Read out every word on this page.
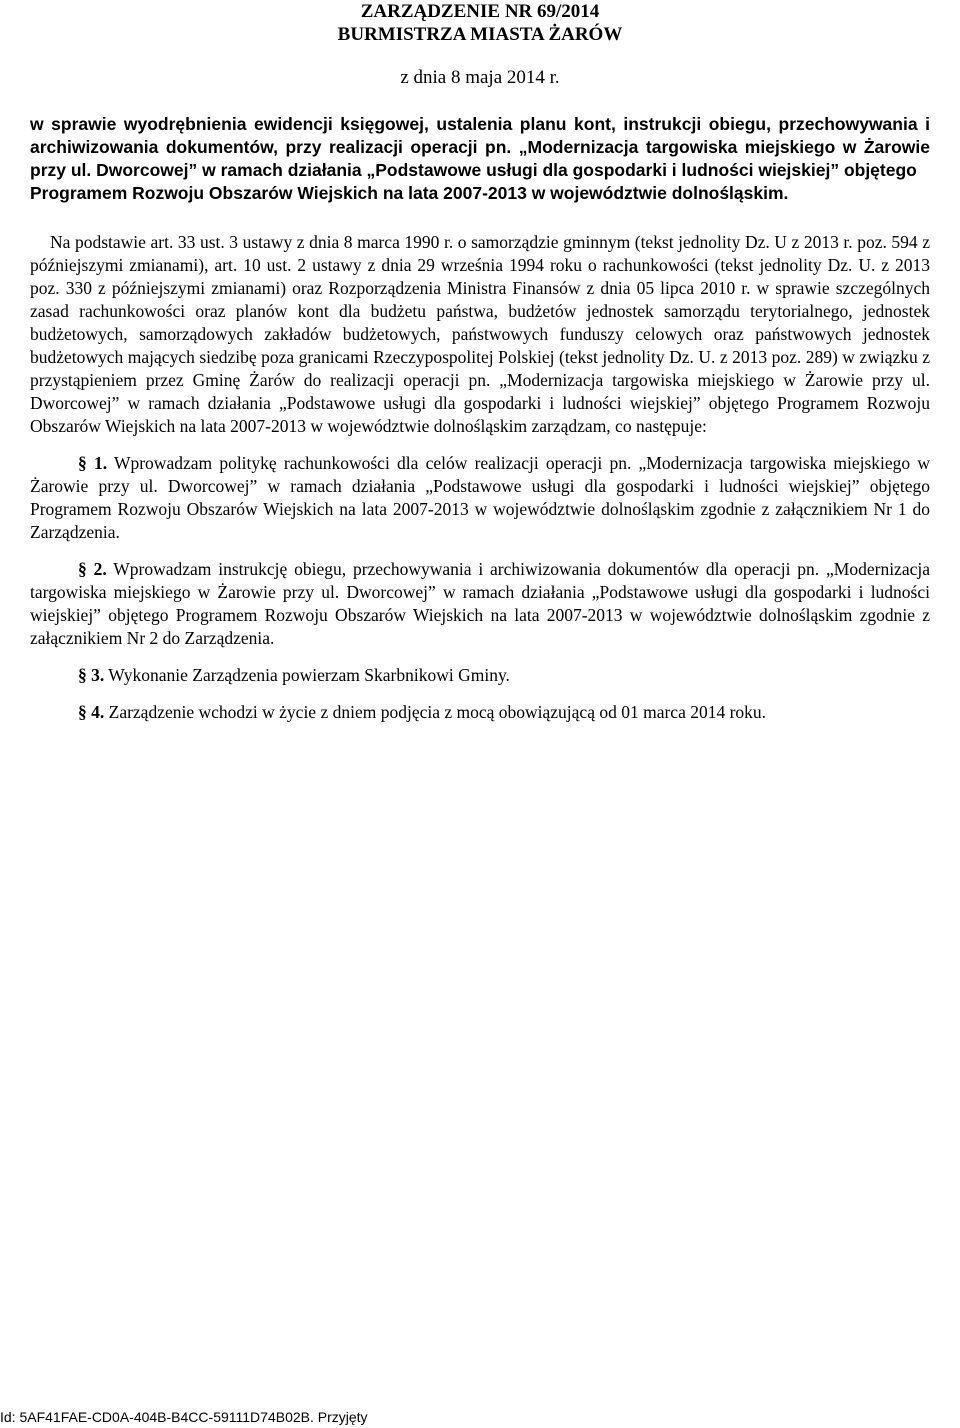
ZARZĄDZENIE NR 69/2014
BURMISTRZA MIASTA ŻARÓW

z dnia 8 maja 2014 r.

w sprawie wyodrębnienia ewidencji księgowej, ustalenia planu kont, instrukcji obiegu, przechowywania i archiwizowania dokumentów, przy realizacji operacji pn. „Modernizacja targowiska miejskiego w Żarowie przy ul. Dworcowej” w ramach działania „Podstawowe usługi dla gospodarki i ludności wiejskiej” objętego
Programem Rozwoju Obszarów Wiejskich na lata 2007-2013 w województwie dolnośląskim.

Na podstawie art. 33 ust. 3 ustawy z dnia 8 marca 1990 r. o samorządzie gminnym (tekst jednolity Dz. U z 2013 r. poz. 594 z późniejszymi zmianami), art. 10 ust. 2 ustawy z dnia 29 września 1994 roku o rachunkowości (tekst jednolity Dz. U. z 2013 poz. 330 z późniejszymi zmianami) oraz Rozporządzenia Ministra Finansów z dnia 05 lipca 2010 r. w sprawie szczególnych zasad rachunkowości oraz planów kont dla budżetu państwa, budżetów jednostek samorządu terytorialnego, jednostek budżetowych, samorządowych zakładów budżetowych, państwowych funduszy celowych oraz państwowych jednostek budżetowych mających siedzibę poza granicami Rzeczypospolitej Polskiej (tekst jednolity Dz. U. z 2013 poz. 289) w związku z przystąpieniem przez Gminę Żarów do realizacji operacji pn. „Modernizacja targowiska miejskiego w Żarowie przy ul. Dworcowej” w ramach działania „Podstawowe usługi dla gospodarki i ludności wiejskiej” objętego Programem Rozwoju Obszarów Wiejskich na lata 2007-2013 w województwie dolnośląskim zarządzam, co następuje:

§ 1. Wprowadzam politykę rachunkowości dla celów realizacji operacji pn. „Modernizacja targowiska miejskiego w Żarowie przy ul. Dworcowej” w ramach działania „Podstawowe usługi dla gospodarki i ludności wiejskiej” objętego Programem Rozwoju Obszarów Wiejskich na lata 2007-2013 w województwie dolnośląskim zgodnie z załącznikiem Nr 1 do Zarządzenia.

§ 2. Wprowadzam instrukcję obiegu, przechowywania i archiwizowania dokumentów dla operacji pn. „Modernizacja targowiska miejskiego w Żarowie przy ul. Dworcowej” w ramach działania „Podstawowe usługi dla gospodarki i ludności wiejskiej” objętego Programem Rozwoju Obszarów Wiejskich na lata 2007-2013 w województwie dolnośląskim zgodnie z załącznikiem Nr 2 do Zarządzenia.

§ 3. Wykonanie Zarządzenia powierzam Skarbnikowi Gminy.

§ 4. Zarządzenie wchodzi w życie z dniem podjęcia z mocą obowiązującą od 01 marca 2014 roku.

Id: 5AF41FAE-CD0A-404B-B4CC-59111D74B02B. Przyjęty
